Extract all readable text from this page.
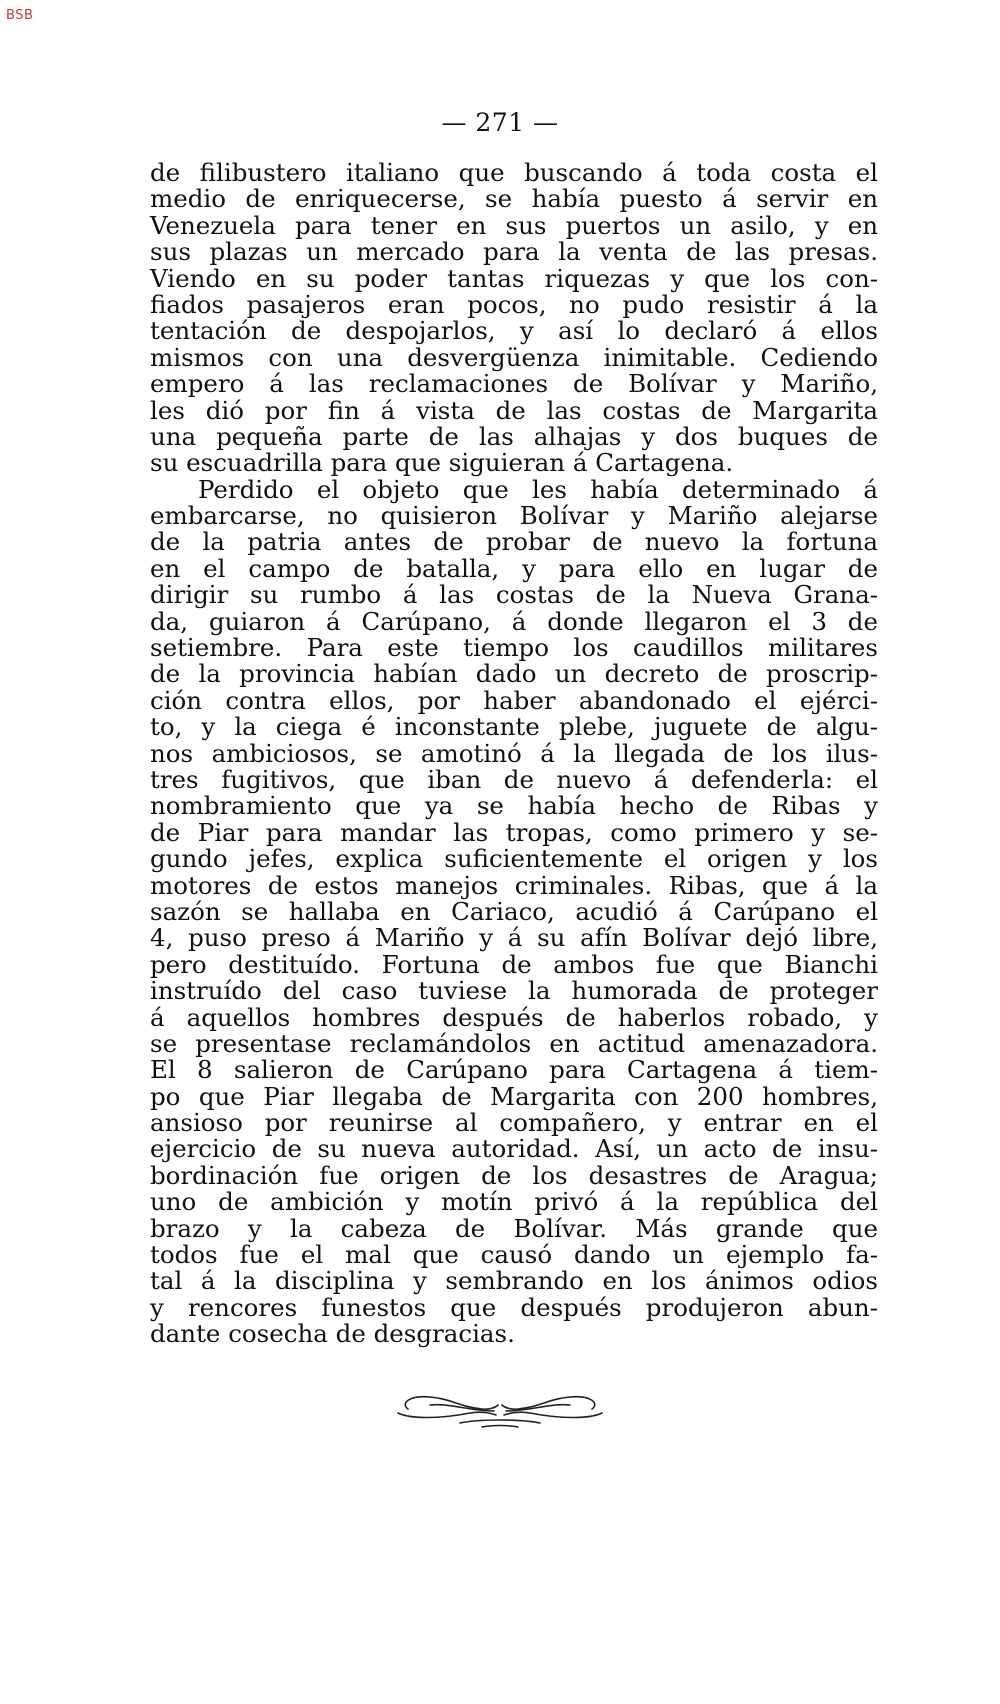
BSB
— 271 —
de filibustero italiano que buscando á toda costa el
medio de enriquecerse, se había puesto á servir en
Venezuela para tener en sus puertos un asilo, y en
sus plazas un mercado para la venta de las presas.
Viendo en su poder tantas riquezas y que los con-
fiados pasajeros eran pocos, no pudo resistir á la
tentación de despojarlos, y así lo declaró á ellos
mismos con una desvergüenza inimitable. Cediendo
empero á las reclamaciones de Bolívar y Mariño,
les dió por fin á vista de las costas de Margarita
una pequeña parte de las alhajas y dos buques de
su escuadrilla para que siguieran á Cartagena.
Perdido el objeto que les había determinado á
embarcarse, no quisieron Bolívar y Mariño alejarse
de la patria antes de probar de nuevo la fortuna
en el campo de batalla, y para ello en lugar de
dirigir su rumbo á las costas de la Nueva Grana-
da, guiaron á Carúpano, á donde llegaron el 3 de
setiembre. Para este tiempo los caudillos militares
de la provincia habían dado un decreto de proscrip-
ción contra ellos, por haber abandonado el ejérci-
to, y la ciega é inconstante plebe, juguete de algu-
nos ambiciosos, se amotinó á la llegada de los ilus-
tres fugitivos, que iban de nuevo á defenderla: el
nombramiento que ya se había hecho de Ribas y
de Piar para mandar las tropas, como primero y se-
gundo jefes, explica suficientemente el origen y los
motores de estos manejos criminales. Ribas, que á la
sazón se hallaba en Cariaco, acudió á Carúpano el
4, puso preso á Mariño y á su afín Bolívar dejó libre,
pero destituído. Fortuna de ambos fue que Bianchi
instruído del caso tuviese la humorada de proteger
á aquellos hombres después de haberlos robado, y
se presentase reclamándolos en actitud amenazadora.
El 8 salieron de Carúpano para Cartagena á tiem-
po que Piar llegaba de Margarita con 200 hombres,
ansioso por reunirse al compañero, y entrar en el
ejercicio de su nueva autoridad. Así, un acto de insu-
bordinación fue origen de los desastres de Aragua;
uno de ambición y motín privó á la república del
brazo y la cabeza de Bolívar. Más grande que
todos fue el mal que causó dando un ejemplo fa-
tal á la disciplina y sembrando en los ánimos odios
y rencores funestos que después produjeron abun-
dante cosecha de desgracias.
